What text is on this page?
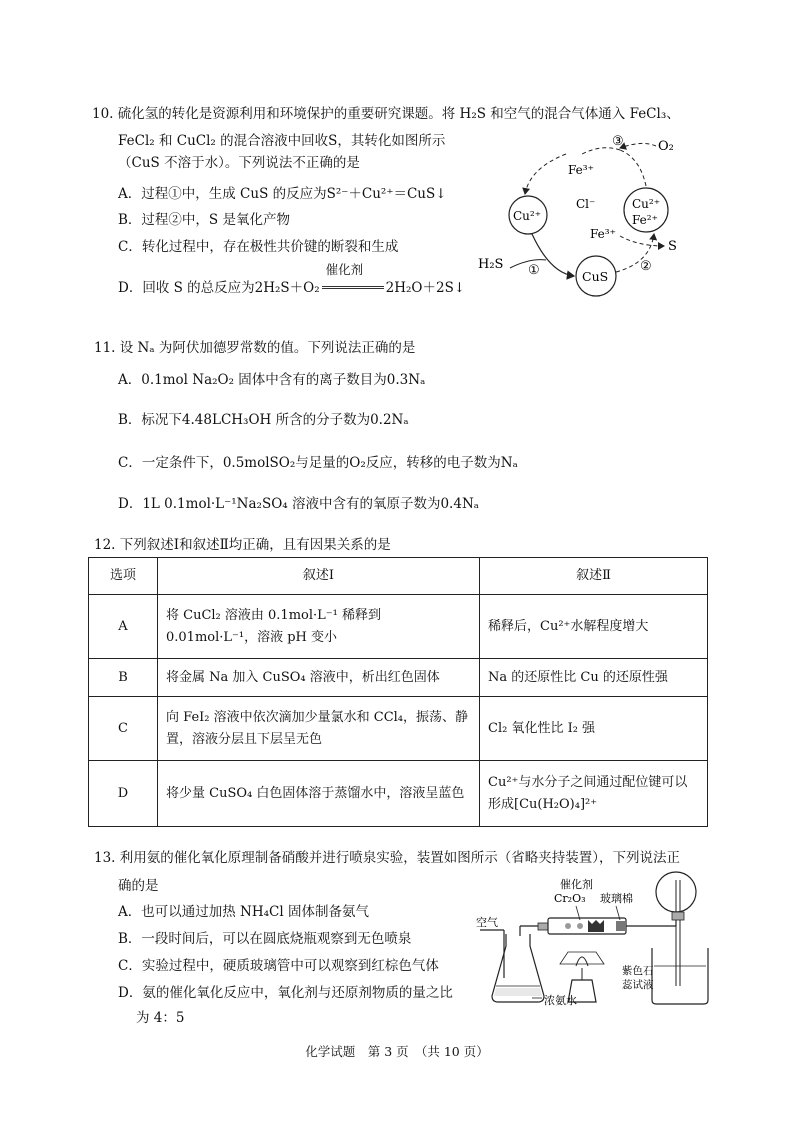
10. 硫化氢的转化是资源利用和环境保护的重要研究课题。将 H₂S 和空气的混合气体通入 FeCl₃、
FeCl₂ 和 CuCl₂ 的混合溶液中回收S，其转化如图所示
（CuS 不溶于水）。下列说法不正确的是
A．过程①中，生成 CuS 的反应为S²⁻＋Cu²⁺＝CuS↓
B．过程②中，S 是氧化产物
C．转化过程中，存在极性共价键的断裂和生成
D．回收 S 的总反应为2H₂S＋O₂
催化剂
2H₂O＋2S↓
O₂
③
Fe³⁺
Cl⁻
Cu²⁺
Cu²⁺
Fe²⁺
Fe³⁺
S
H₂S ①	CuS
②
11. 设 Nₐ 为阿伏加德罗常数的值。下列说法正确的是
A．0.1mol Na₂O₂ 固体中含有的离子数目为0.3Nₐ
B．标况下4.48LCH₃OH 所含的分子数为0.2Nₐ
C．一定条件下，0.5molSO₂与足量的O₂反应，转移的电子数为Nₐ
D．1L 0.1mol·L⁻¹Na₂SO₄ 溶液中含有的氧原子数为0.4Nₐ
12. 下列叙述Ⅰ和叙述Ⅱ均正确，且有因果关系的是
选项	叙述Ⅰ	叙述Ⅱ
A	将 CuCl₂ 溶液由 0.1mol·L⁻¹ 稀释到 0.01mol·L⁻¹，溶液 pH 变小	稀释后，Cu²⁺水解程度增大
B	将金属 Na 加入 CuSO₄ 溶液中，析出红色固体	Na 的还原性比 Cu 的还原性强
C	向 FeI₂ 溶液中依次滴加少量氯水和 CCl₄，振荡、静置，溶液分层且下层呈无色	Cl₂ 氧化性比 I₂ 强
D	将少量 CuSO₄ 白色固体溶于蒸馏水中，溶液呈蓝色	Cu²⁺与水分子之间通过配位键可以形成[Cu(H₂O)₄]²⁺
13. 利用氨的催化氧化原理制备硝酸并进行喷泉实验，装置如图所示（省略夹持装置），下列说法正
确的是
A．也可以通过加热 NH₄Cl 固体制备氨气
B．一段时间后，可以在圆底烧瓶观察到无色喷泉
C．实验过程中，硬质玻璃管中可以观察到红棕色气体
D．氨的催化氧化反应中，氧化剂与还原剂物质的量之比
为 4：5
空气
催化剂
Cr₂O₃ 玻璃棉
紫色石
蕊试液
浓氨水
化学试题　第 3 页　（共 10 页）
